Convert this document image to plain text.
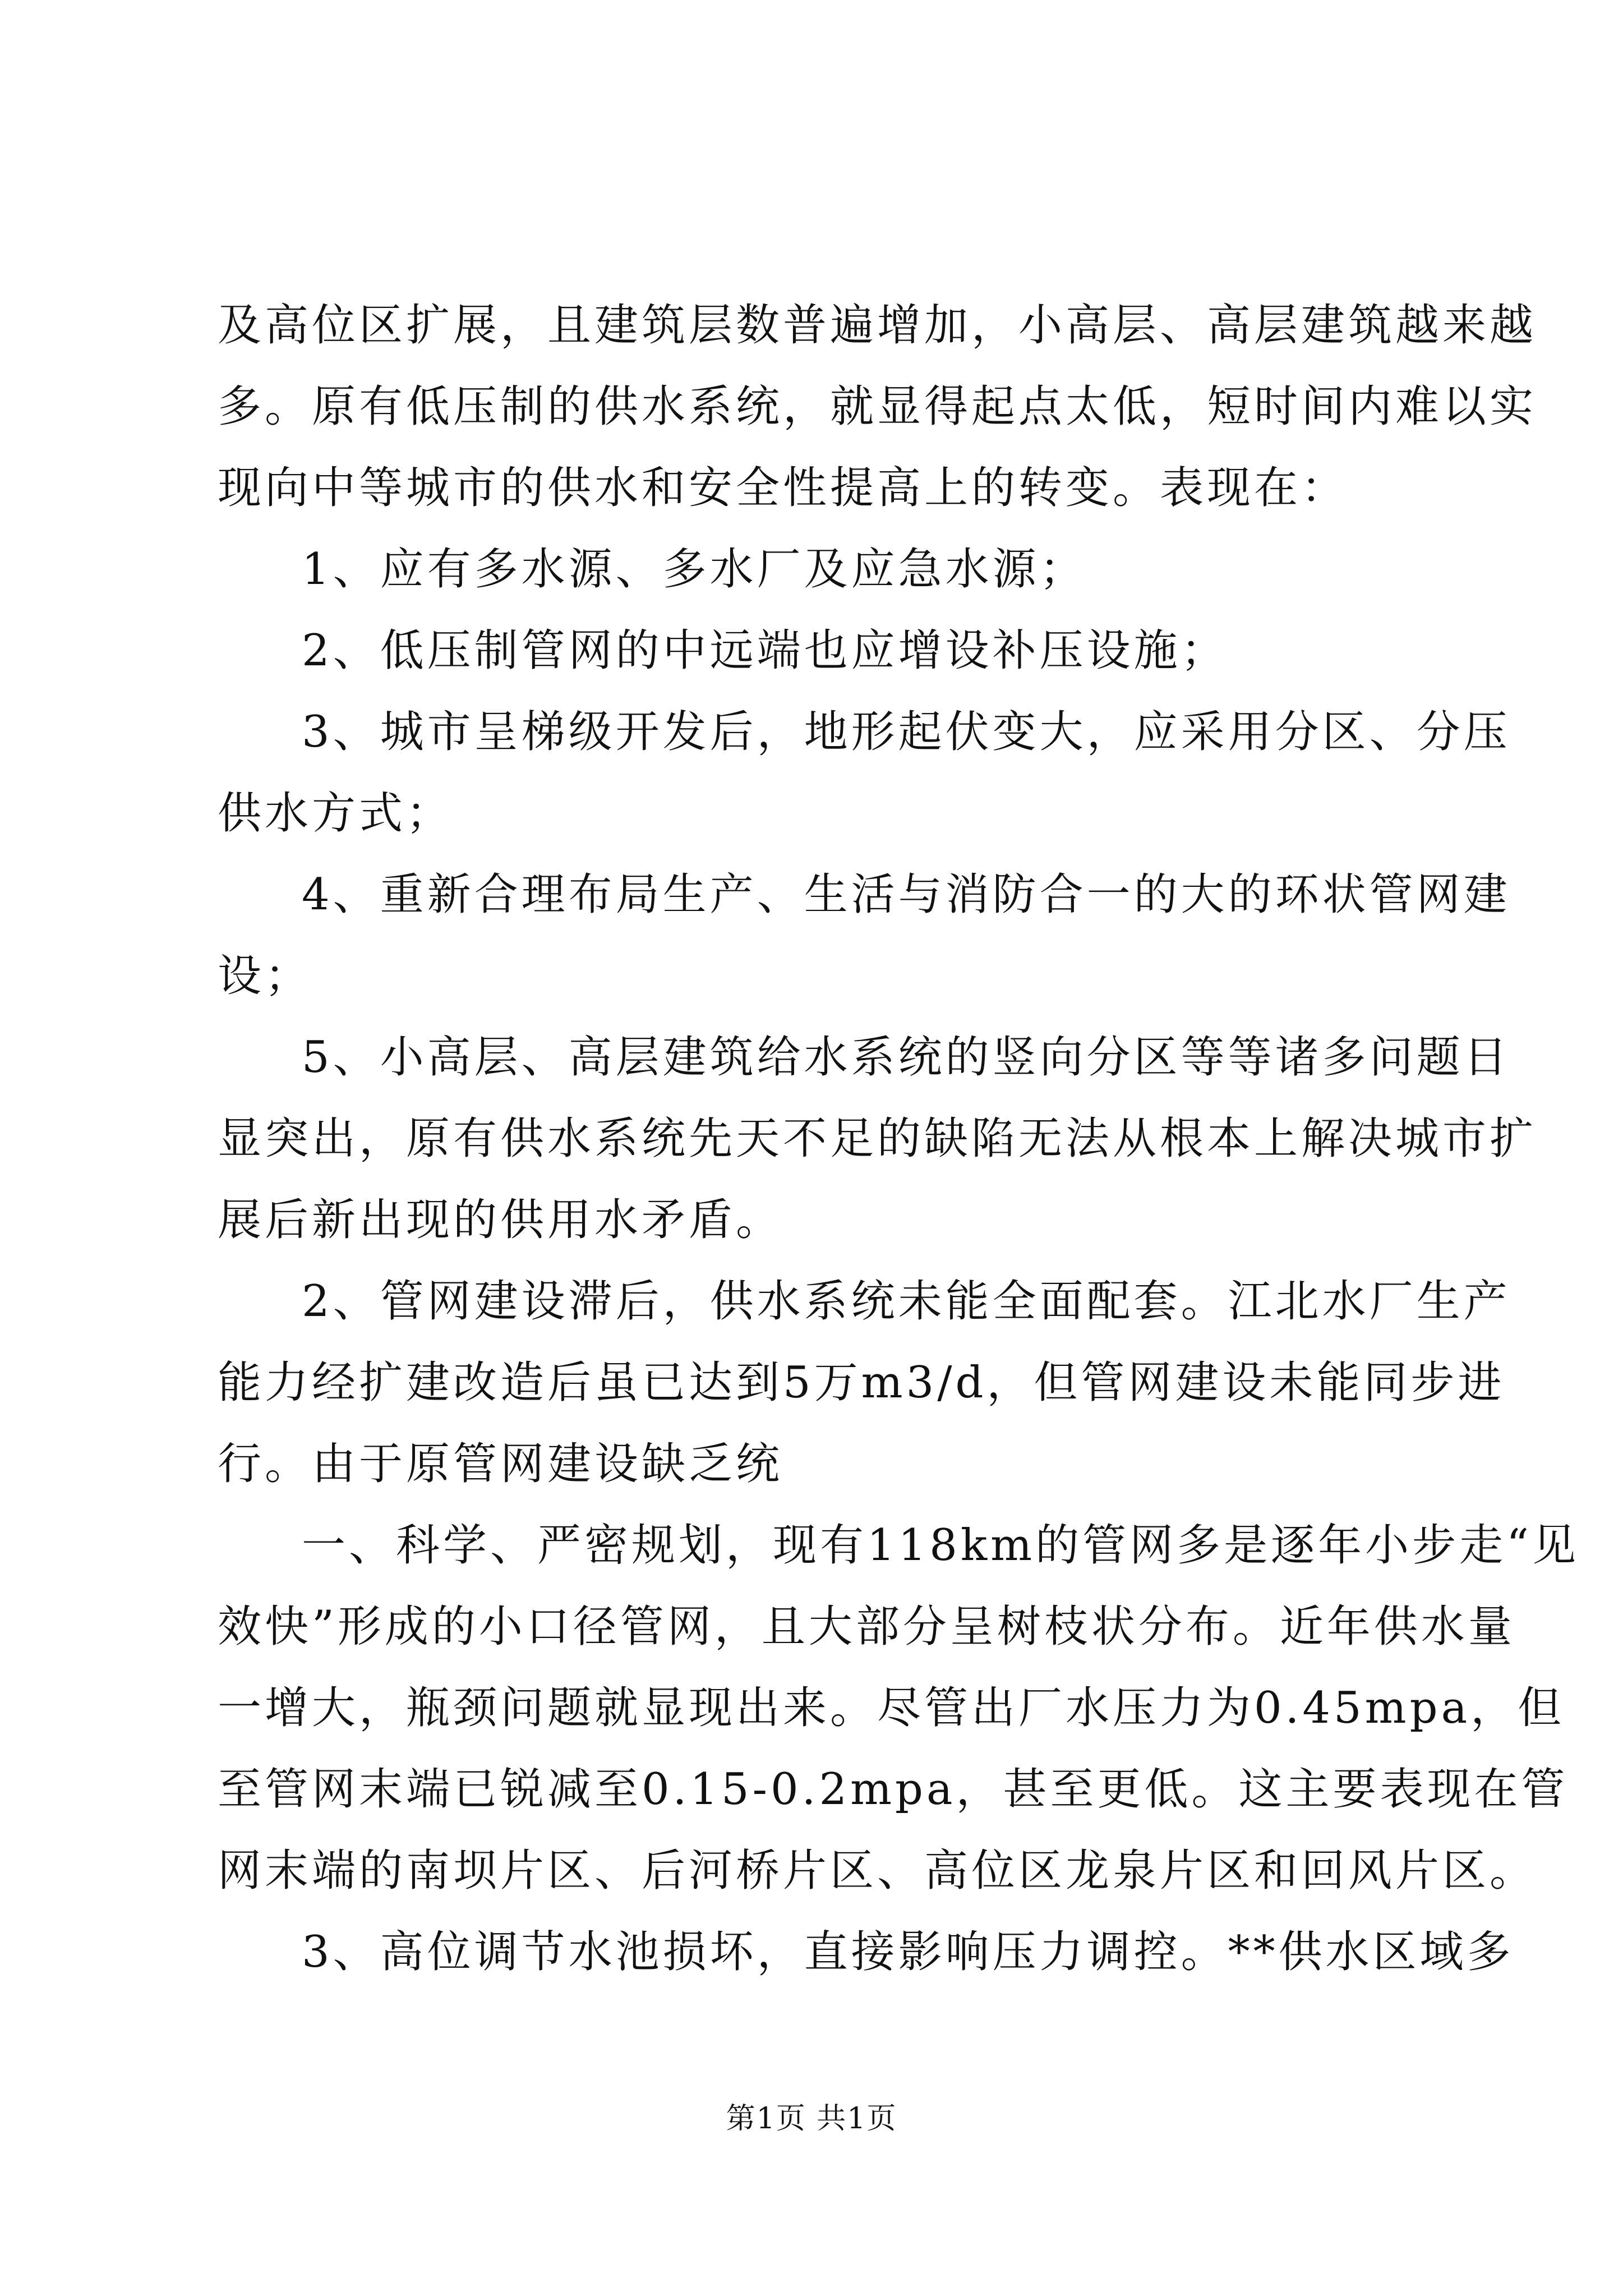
及高位区扩展，且建筑层数普遍增加，小高层、高层建筑越来越
多。原有低压制的供水系统，就显得起点太低，短时间内难以实
现向中等城市的供水和安全性提高上的转变。表现在：
1、应有多水源、多水厂及应急水源；
2、低压制管网的中远端也应增设补压设施；
3、城市呈梯级开发后，地形起伏变大，应采用分区、分压
供水方式；
4、重新合理布局生产、生活与消防合一的大的环状管网建
设；
5、小高层、高层建筑给水系统的竖向分区等等诸多问题日
显突出，原有供水系统先天不足的缺陷无法从根本上解决城市扩
展后新出现的供用水矛盾。
2、管网建设滞后，供水系统未能全面配套。江北水厂生产
能力经扩建改造后虽已达到5万m3/d，但管网建设未能同步进
行。由于原管网建设缺乏统
一、科学、严密规划，现有118km的管网多是逐年小步走“见
效快”形成的小口径管网，且大部分呈树枝状分布。近年供水量
一增大，瓶颈问题就显现出来。尽管出厂水压力为0.45mpa，但
至管网末端已锐减至0.15-0.2mpa，甚至更低。这主要表现在管
网末端的南坝片区、后河桥片区、高位区龙泉片区和回风片区。
3、高位调节水池损坏，直接影响压力调控。**供水区域多
第1页 共1页
